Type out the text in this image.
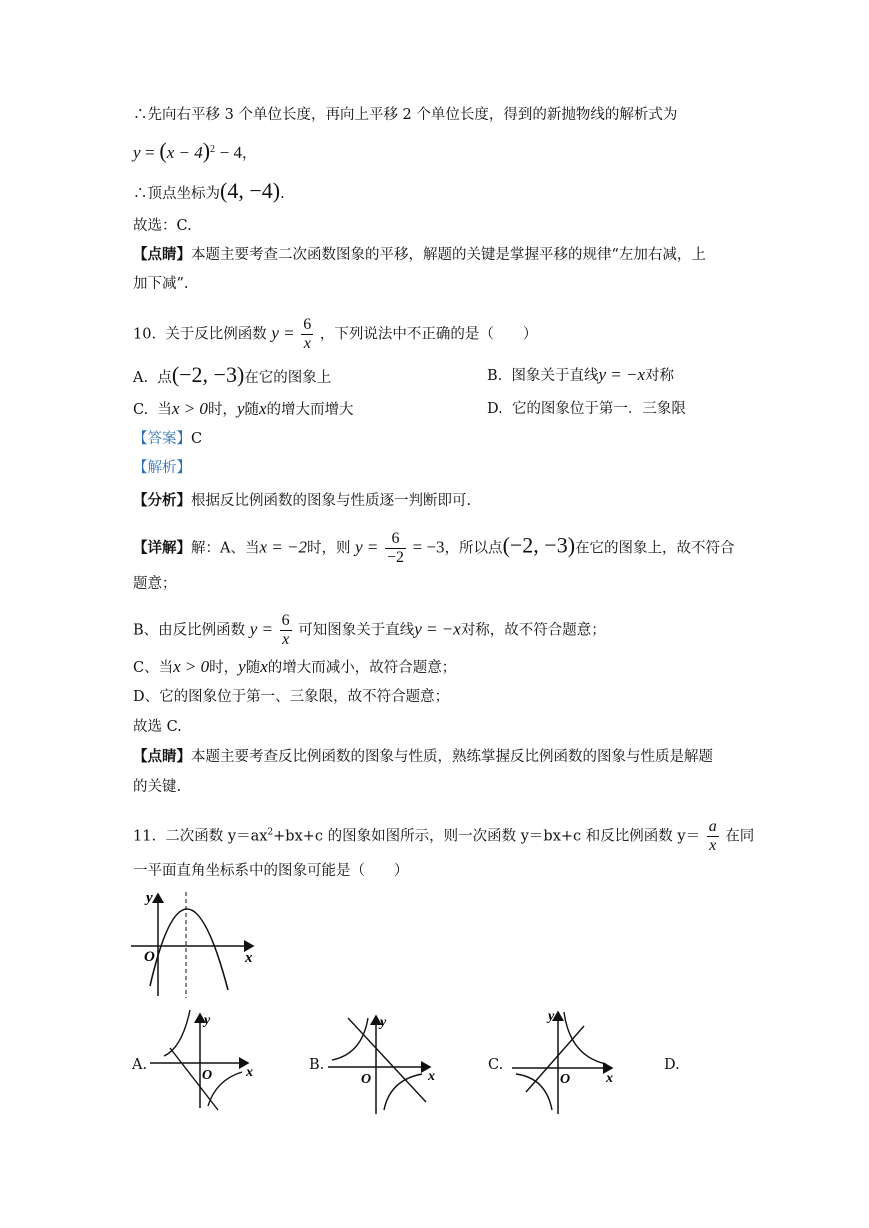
∴先向右平移 3 个单位长度，再向上平移 2 个单位长度，得到的新抛物线的解析式为
$y = (x - 4)^2 - 4$，
∴顶点坐标为(4, −4).
故选：C.
【点睛】本题主要考查二次函数图象的平移，解题的关键是掌握平移的规律“左加右减，上
加下减”.
10. 关于反比例函数 $y = \frac{6}{x}$ ，下列说法中不正确的是（　　）
A. 点(−2, −3)在它的图象上	B. 图象关于直线y = −x对称
C. 当x > 0时，y随x的增大而增大	D. 它的图象位于第一．三象限
【答案】C
【解析】
【分析】根据反比例函数的图象与性质逐一判断即可.
【详解】解：A、当x = −2时，则 $y = \frac{6}{-2} = -3$，所以点(−2, −3)在它的图象上，故不符合
题意；
B、由反比例函数 $y = \frac{6}{x}$ 可知图象关于直线y = −x对称，故不符合题意；
C、当x > 0时，y随x的增大而减小，故符合题意；
D、它的图象位于第一、三象限，故不符合题意；
故选 C.
【点睛】本题主要考查反比例函数的图象与性质，熟练掌握反比例函数的图象与性质是解题
的关键.
11. 二次函数 $y=ax^2+bx+c$ 的图象如图所示，则一次函数 y＝bx+c 和反比例函数 $y= \frac{a}{x}$ 在同
一平面直角坐标系中的图象可能是（　　）
y
x
O
A.
y
x
O
B.
y
x
O
C.
y
x
O
D.
